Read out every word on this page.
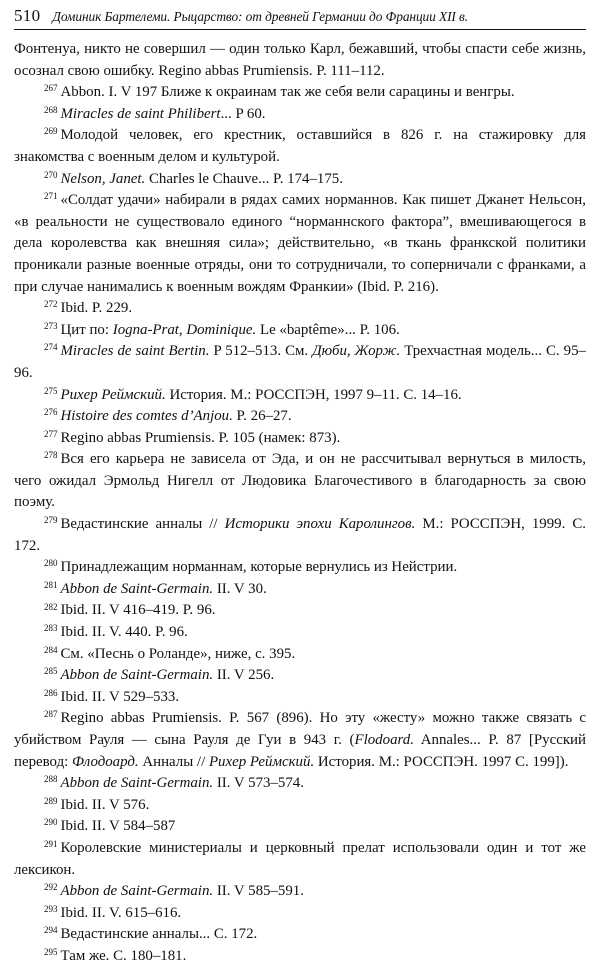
510 Доминик Бартелеми. Рыцарство: от древней Германии до Франции XII в.

Фонтенуа, никто не совершил — один только Карл, бежавший, чтобы спасти себе жизнь, осознал свою ошибку. Regino abbas Prumiensis. P. 111–112.

$^{267}$ Abbon. I. V 197 Ближе к окраинам так же себя вели сарацины и венгры.

$^{268}$ Miracles de saint Philibert... P 60.

$^{269}$ Молодой человек, его крестник, оставшийся в 826 г. на стажировку для знакомства с военным делом и культурой.

$^{270}$ Nelson, Janet. Charles le Chauve... P. 174–175.

$^{271}$ «Солдат удачи» набирали в рядах самих норманнов. Как пишет Джанет Нельсон, «в реальности не существовало единого “норманнского фактора”, вмешивающегося в дела королевства как внешняя сила»; действительно, «в ткань франкской политики проникали разные военные отряды, они то сотрудничали, то соперничали с франками, а при случае нанимались к военным вождям Франкии» (Ibid. P. 216).

$^{272}$ Ibid. P. 229.

$^{273}$ Цит по: Iogna-Prat, Dominique. Le «baptême»... P. 106.

$^{274}$ Miracles de saint Bertin. P 512–513. См. Дюби, Жорж. Трехчастная модель... С. 95–96.

$^{275}$ Рихер Реймский. История. М.: РОССПЭН, 1997 9–11. С. 14–16.

$^{276}$ Histoire des comtes d’Anjou. P. 26–27.

$^{277}$ Regino abbas Prumiensis. P. 105 (намек: 873).

$^{278}$ Вся его карьера не зависела от Эда, и он не рассчитывал вернуться в милость, чего ожидал Эрмольд Нигелл от Людовика Благочестивого в благодарность за свою поэму.

$^{279}$ Ведастинские анналы // Историки эпохи Каролингов. М.: РОССПЭН, 1999. С. 172.

$^{280}$ Принадлежащим норманнам, которые вернулись из Нейстрии.

$^{281}$ Abbon de Saint-Germain. II. V 30.

$^{282}$ Ibid. II. V 416–419. P. 96.

$^{283}$ Ibid. II. V. 440. P. 96.

$^{284}$ См. «Песнь о Роланде», ниже, с. 395.

$^{285}$ Abbon de Saint-Germain. II. V 256.

$^{286}$ Ibid. II. V 529–533.

$^{287}$ Regino abbas Prumiensis. P. 567 (896). Но эту «жесту» можно также связать с убийством Рауля — сына Рауля де Гуи в 943 г. (Flodoard. Annales... P. 87 [Русский перевод: Флодоард. Анналы // Рихер Реймский. История. М.: РОССПЭН. 1997 С. 199]).

$^{288}$ Abbon de Saint-Germain. II. V 573–574.

$^{289}$ Ibid. II. V 576.

$^{290}$ Ibid. II. V 584–587

$^{291}$ Королевские министериалы и церковный прелат использовали один и тот же лексикон.

$^{292}$ Abbon de Saint-Germain. II. V 585–591.

$^{293}$ Ibid. II. V. 615–616.

$^{294}$ Ведастинские анналы... С. 172.

$^{295}$ Там же. С. 180–181.
